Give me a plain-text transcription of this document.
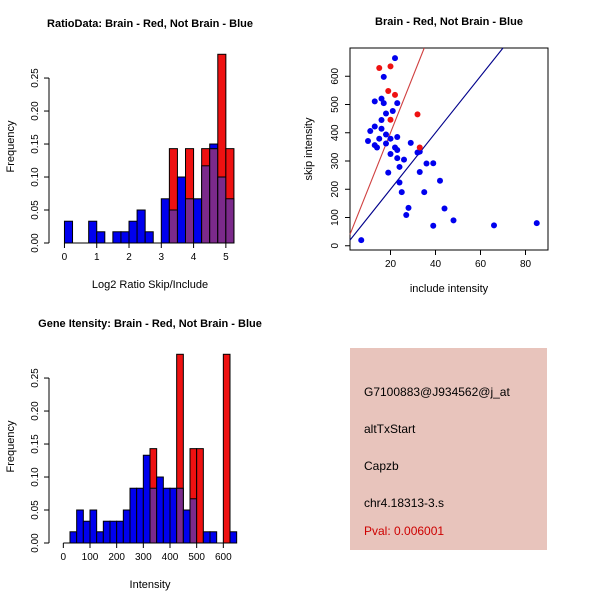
0	1	2	3	4	5
0.00
0.05
0.10
0.15
0.20
0.25
RatioData: Brain - Red, Not Brain - Blue
Log2 Ratio Skip/Include
Frequency
20	40	60	80
0
100
200
300
400
500
600
Brain - Red, Not Brain - Blue
include intensity
skip intensity
0 100 200 300 400 500 600
0.00
0.05
0.10
0.15
0.20
0.25
Gene Itensity: Brain - Red, Not Brain - Blue
Intensity
Frequency
G7100883@J934562@j_at
altTxStart
Capzb
chr4.18313-3.s
Pval: 0.006001
